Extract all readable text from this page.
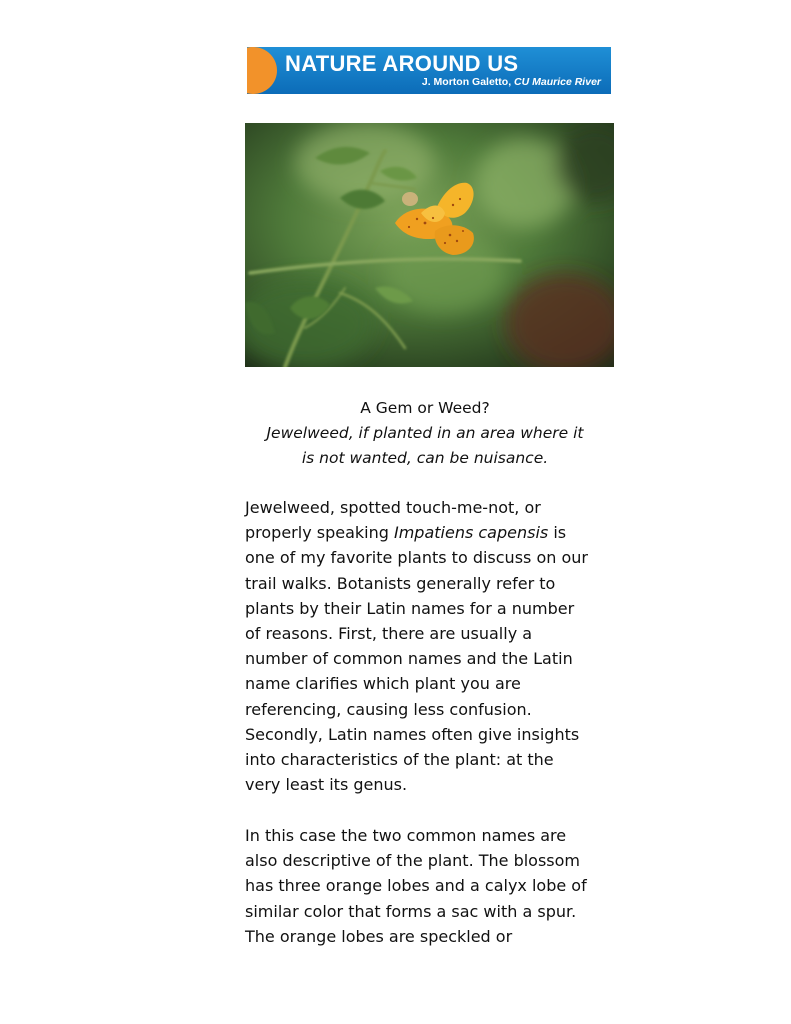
NATURE AROUND US
J. Morton Galetto, CU Maurice River
A Gem or Weed?
Jewelweed, if planted in an area where it
is not wanted, can be nuisance.
Jewelweed, spotted touch-me-not, or
properly speaking Impatiens capensis is
one of my favorite plants to discuss on our
trail walks. Botanists generally refer to
plants by their Latin names for a number
of reasons. First, there are usually a
number of common names and the Latin
name clarifies which plant you are
referencing, causing less confusion.
Secondly, Latin names often give insights
into characteristics of the plant: at the
very least its genus.
In this case the two common names are
also descriptive of the plant. The blossom
has three orange lobes and a calyx lobe of
similar color that forms a sac with a spur.
The orange lobes are speckled or
